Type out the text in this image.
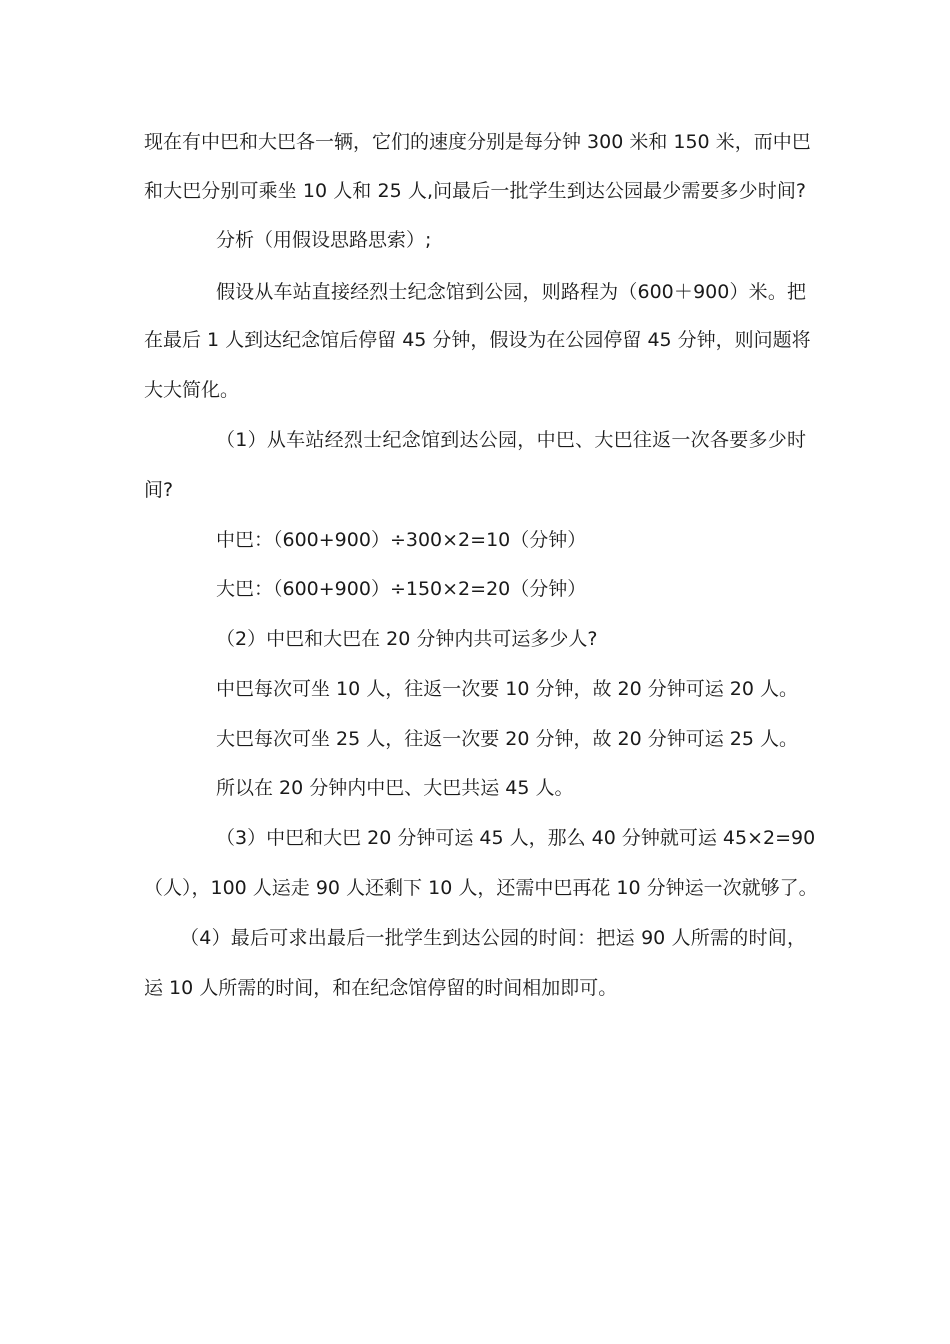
现在有中巴和大巴各一辆，它们的速度分别是每分钟 300 米和 150 米，而中巴
和大巴分别可乘坐 10 人和 25 人,问最后一批学生到达公园最少需要多少时间?
分析（用假设思路思索）;
假设从车站直接经烈士纪念馆到公园，则路程为（600＋900）米。把
在最后 1 人到达纪念馆后停留 45 分钟，假设为在公园停留 45 分钟，则问题将
大大简化。
（1）从车站经烈士纪念馆到达公园，中巴、大巴往返一次各要多少时
间?
中巴：（600+900）÷300×2=10（分钟）
大巴：（600+900）÷150×2=20（分钟）
（2）中巴和大巴在 20 分钟内共可运多少人?
中巴每次可坐 10 人，往返一次要 10 分钟，故 20 分钟可运 20 人。
大巴每次可坐 25 人，往返一次要 20 分钟，故 20 分钟可运 25 人。
所以在 20 分钟内中巴、大巴共运 45 人。
（3）中巴和大巴 20 分钟可运 45 人，那么 40 分钟就可运 45×2=90
（人），100 人运走 90 人还剩下 10 人，还需中巴再花 10 分钟运一次就够了。
（4）最后可求出最后一批学生到达公园的时间：把运 90 人所需的时间，
运 10 人所需的时间，和在纪念馆停留的时间相加即可。
